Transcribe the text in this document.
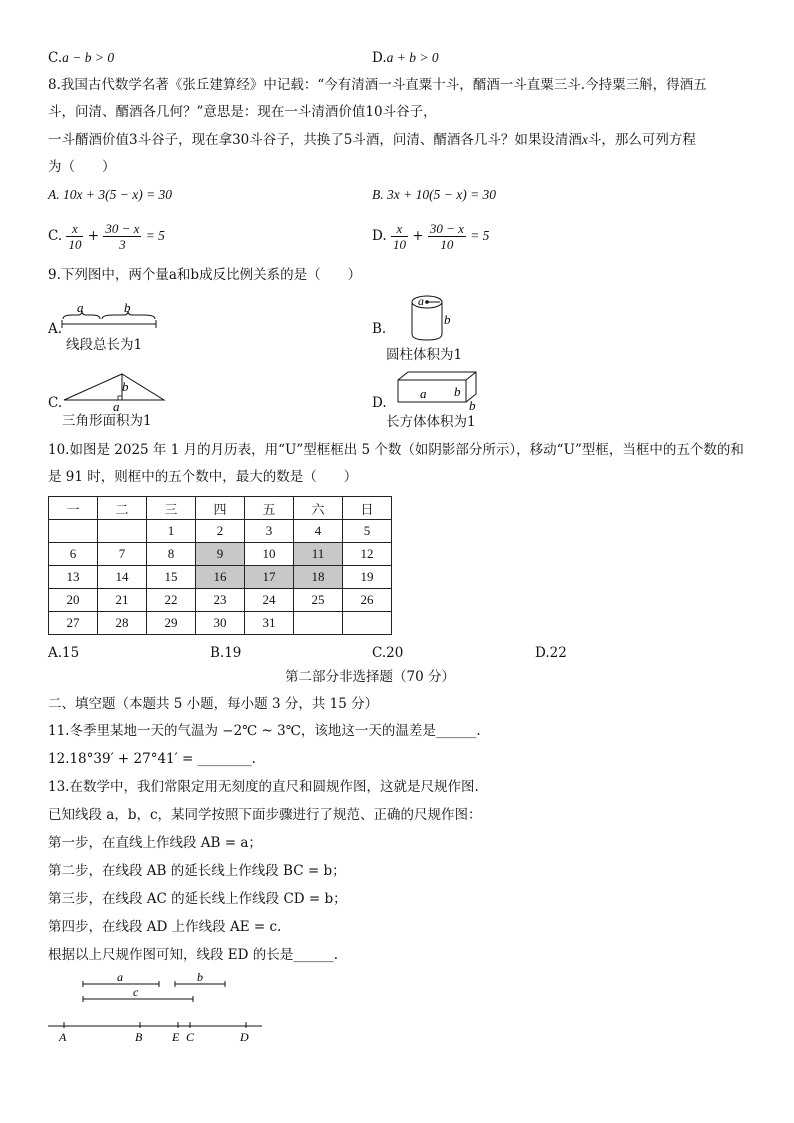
C.a − b > 0	D.a + b > 0
8.我国古代数学名著《张丘建算经》中记载：“今有清酒一斗直粟十斗，醑酒一斗直粟三斗.今持粟三斛，得酒五
斗，问清、醑酒各几何？”意思是：现在一斗清酒价值10斗谷子，
一斗醑酒价值3斗谷子，现在拿30斗谷子，共换了5斗酒，问清、醑酒各几斗？如果设清酒x斗，那么可列方程
为（　　）
A. 10x + 3(5 − x) = 30	B. 3x + 10(5 − x) = 30
C. $\frac{x}{10} + \frac{30 - x}{3} = 5$	D. $\frac{x}{10} + \frac{30 - x}{10} = 5$
9.下列图中，两个量a和b成反比例关系的是（　　）
A.
a	b
线段总长为1
B.
a
b
圆柱体积为1
C.
b
a
三角形面积为1
D.
a b
b
长方体体积为1
10.如图是 2025 年 1 月的月历表，用“U”型框框出 5 个数（如阴影部分所示），移动“U”型框，当框中的五个数的和
是 91 时，则框中的五个数中，最大的数是（　　）
一	二	三	四	五	六	日
		1	2	3	4	5
6	7	8	9	10	11	12
13	14	15	16	17	18	19
20	21	22	23	24	25	26
27	28	29	30	31		
A.15	B.19	C.20	D.22
第二部分非选择题（70 分）
二、填空题（本题共 5 小题，每小题 3 分，共 15 分）
11.冬季里某地一天的气温为 −2℃ ~ 3℃，该地这一天的温差是______.
12.18°39′ + 27°41′ = ________.
13.在数学中，我们常限定用无刻度的直尺和圆规作图，这就是尺规作图.
已知线段 a，b，c，某同学按照下面步骤进行了规范、正确的尺规作图：
第一步，在直线上作线段 AB = a；
第二步，在线段 AB 的延长线上作线段 BC = b；
第三步，在线段 AC 的延长线上作线段 CD = b；
第四步，在线段 AD 上作线段 AE = c.
根据以上尺规作图可知，线段 ED 的长是______.
a	b
c
A	B E C	D
